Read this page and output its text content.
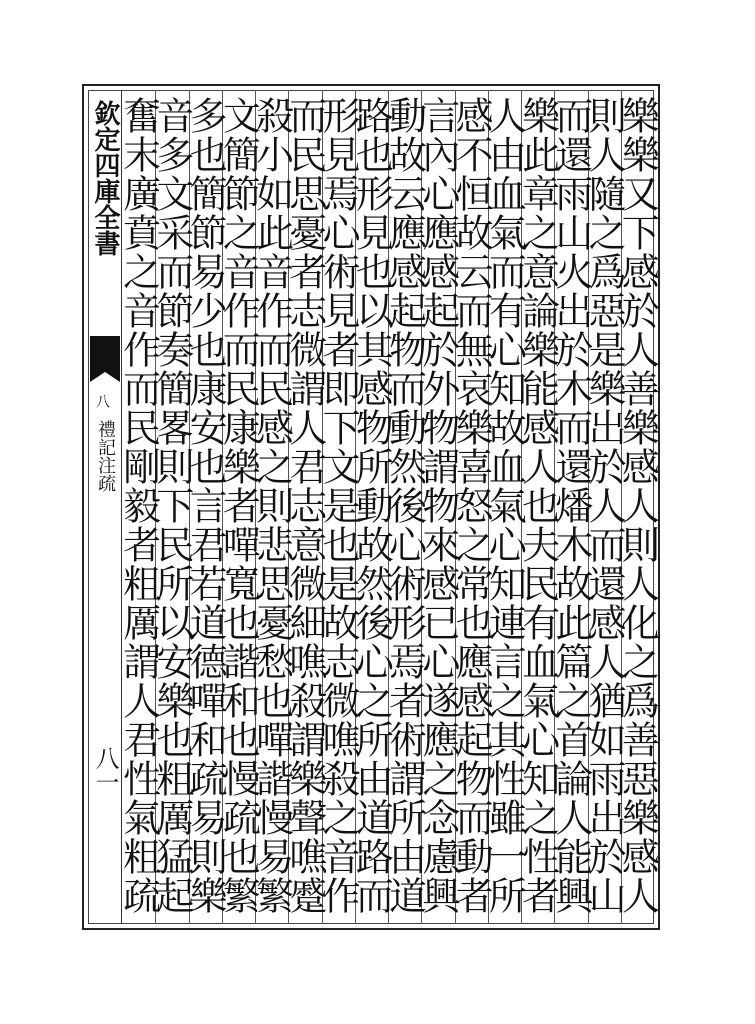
欽定四庫全書
八
禮記注疏
八一	樂樂又下感於人善樂感人則人化之爲善惡樂感人
則人隨之爲惡是樂出於人而還感人猶如雨出於山
而還雨山火出於木而還燔木故此篇之首論人能興
樂此章之意論樂能感人也夫民有血氣心知之性者
人由血氣而有心知故血氣心知連言之其性雖一所
感不恒故云而無哀樂喜怒之常也應感起物而動者
言內心應感起於外物謂物來感已心遂應之念慮興
動故云應感起物而動然後心術形焉者術謂所由道
路也形見也以其感物所動故然後心之所由道路而
形見焉心術見者即下文是也是故志微噍殺之音作
而民思憂者志微謂人君志意微細噍殺謂樂聲噍蹙
殺小如此音作而民感之則悲思憂愁也嘽諧慢易繁
文簡節之音作而民康樂者嘽寬也諧和也慢疏也繁
多也簡節易少也康安也言君若道德嘽和疏易則樂
音多文采而節奏簡畧則下民所以安樂也粗厲猛起
奮末廣賁之音作而民剛毅者粗厲謂人君性氣粗疏
